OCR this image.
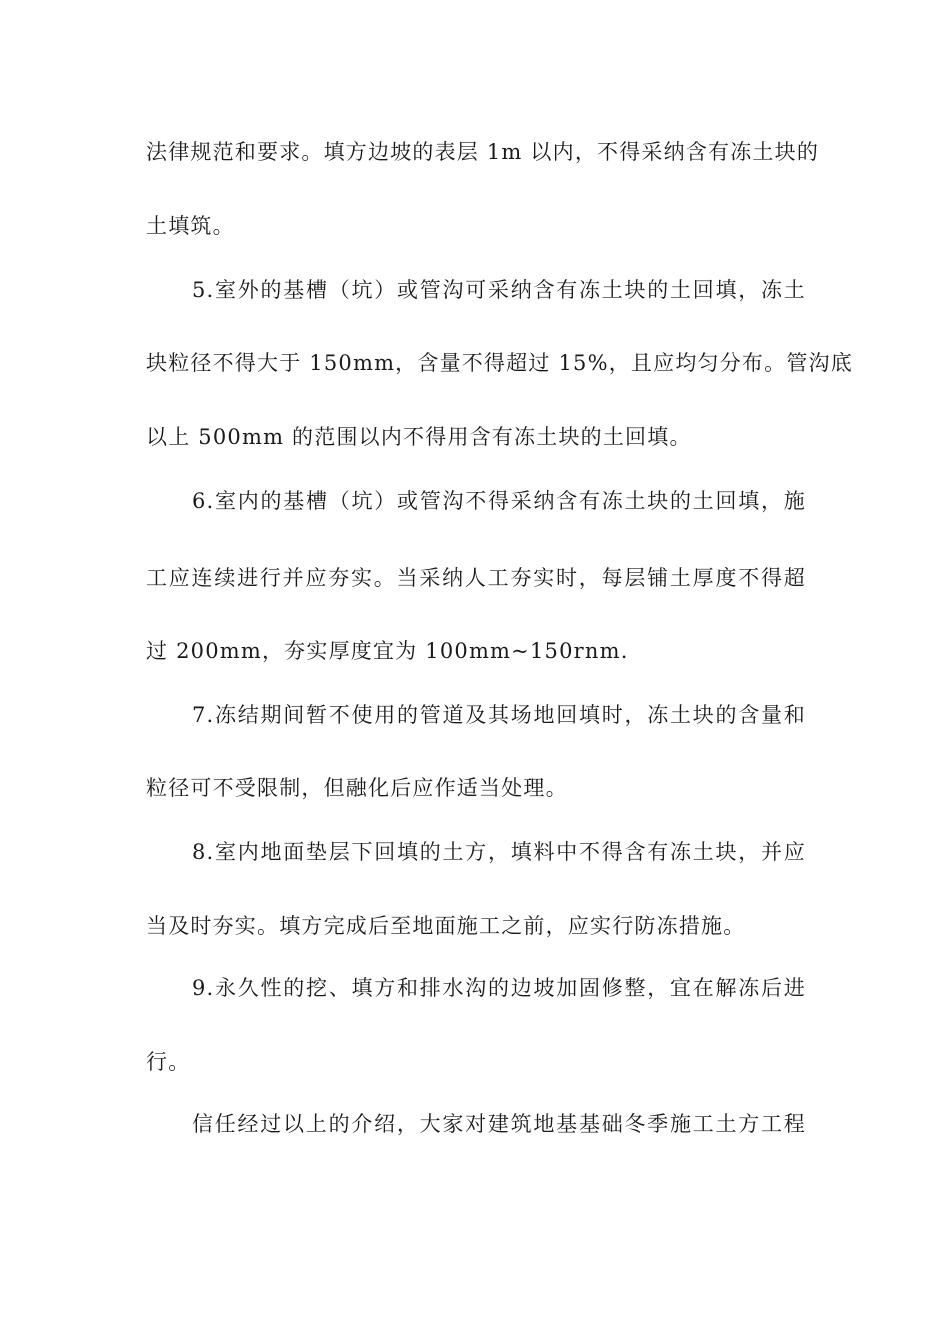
法律规范和要求。填方边坡的表层 1m 以内，不得采纳含有冻土块的
土填筑。
5.室外的基槽（坑）或管沟可采纳含有冻土块的土回填，冻土
块粒径不得大于 150mm，含量不得超过 15%，且应均匀分布。管沟底
以上 500mm 的范围以内不得用含有冻土块的土回填。
6.室内的基槽（坑）或管沟不得采纳含有冻土块的土回填，施
工应连续进行并应夯实。当采纳人工夯实时，每层铺土厚度不得超
过 200mm，夯实厚度宜为 100mm~150rnm.
7.冻结期间暂不使用的管道及其场地回填时，冻土块的含量和
粒径可不受限制，但融化后应作适当处理。
8.室内地面垫层下回填的土方，填料中不得含有冻土块，并应
当及时夯实。填方完成后至地面施工之前，应实行防冻措施。
9.永久性的挖、填方和排水沟的边坡加固修整，宜在解冻后进
行。
信任经过以上的介绍，大家对建筑地基基础冬季施工土方工程
